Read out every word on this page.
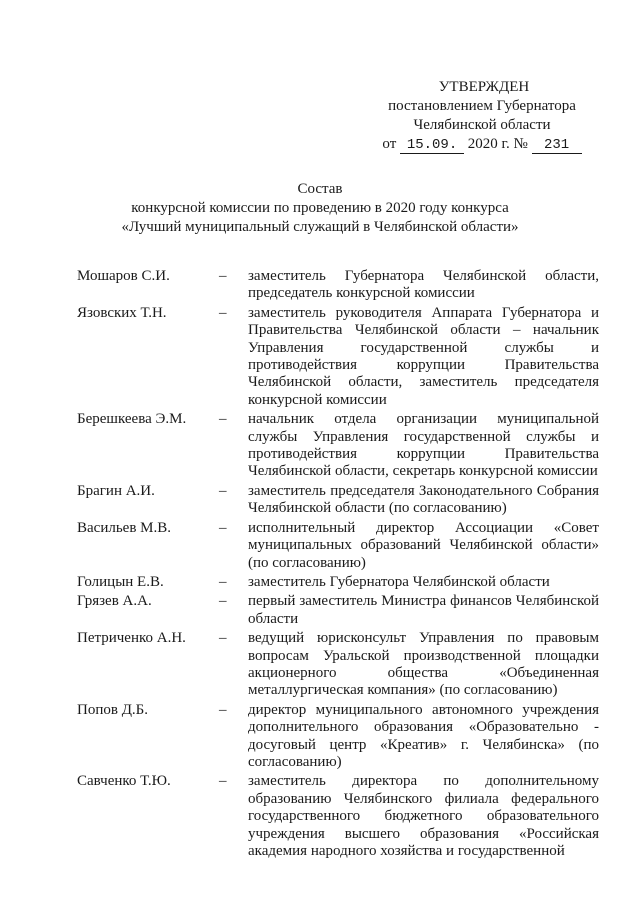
УТВЕРЖДЕН
постановлением Губернатора
Челябинской области
от 15.09. 2020 г. № 231
Состав
конкурсной комиссии по проведению в 2020 году конкурса
«Лучший муниципальный служащий в Челябинской области»
Мошаров С.И.	–	заместитель Губернатора Челябинской области, председатель конкурсной комиссии
Язовских Т.Н.	–	заместитель руководителя Аппарата Губернатора и Правительства Челябинской области – начальник Управления государственной службы и противодействия коррупции Правительства Челябинской области, заместитель председателя конкурсной комиссии
Берешкеева Э.М.	–	начальник отдела организации муниципальной службы Управления государственной службы и противодействия коррупции Правительства Челябинской области, секретарь конкурсной комиссии
Брагин А.И.	–	заместитель председателя Законодательного Собрания Челябинской области (по согласованию)
Васильев М.В.	–	исполнительный директор Ассоциации «Совет муниципальных образований Челябинской области» (по согласованию)
Голицын Е.В.	–	заместитель Губернатора Челябинской области
Грязев А.А.	–	первый заместитель Министра финансов Челябинской области
Петриченко А.Н.	–	ведущий юрисконсульт Управления по правовым вопросам Уральской производственной площадки акционерного общества «Объединенная металлургическая компания» (по согласованию)
Попов Д.Б.	–	директор муниципального автономного учреждения дополнительного образования «Образовательно - досуговый центр «Креатив» г. Челябинска» (по согласованию)
Савченко Т.Ю.	–	заместитель директора по дополнительному образованию Челябинского филиала федерального государственного бюджетного образовательного учреждения высшего образования «Российская академия народного хозяйства и государственной
